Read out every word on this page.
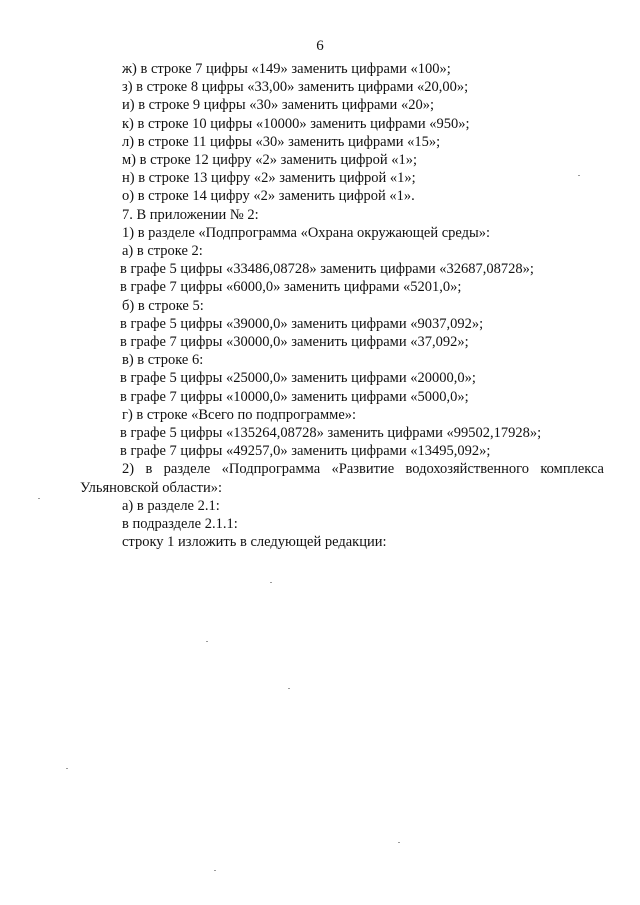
6
ж) в строке 7 цифры «149» заменить цифрами «100»;
з) в строке 8 цифры «33,00» заменить цифрами «20,00»;
и) в строке 9 цифры «30» заменить цифрами «20»;
к) в строке 10 цифры «10000» заменить цифрами «950»;
л) в строке 11 цифры «30» заменить цифрами «15»;
м) в строке 12 цифру «2» заменить цифрой «1»;
н) в строке 13 цифру «2» заменить цифрой «1»;
о) в строке 14 цифру «2» заменить цифрой «1».
7. В приложении № 2:
1) в разделе «Подпрограмма «Охрана окружающей среды»:
а) в строке 2:
в графе 5 цифры «33486,08728» заменить цифрами «32687,08728»;
в графе 7 цифры «6000,0» заменить цифрами «5201,0»;
б) в строке 5:
в графе 5 цифры «39000,0» заменить цифрами «9037,092»;
в графе 7 цифры «30000,0» заменить цифрами «37,092»;
в) в строке 6:
в графе 5 цифры «25000,0» заменить цифрами «20000,0»;
в графе 7 цифры «10000,0» заменить цифрами «5000,0»;
г) в строке «Всего по подпрограмме»:
в графе 5 цифры «135264,08728» заменить цифрами «99502,17928»;
в графе 7 цифры «49257,0» заменить цифрами «13495,092»;
2) в разделе «Подпрограмма «Развитие водохозяйственного комплекса
Ульяновской области»:
а) в разделе 2.1:
в подразделе 2.1.1:
строку 1 изложить в следующей редакции:
